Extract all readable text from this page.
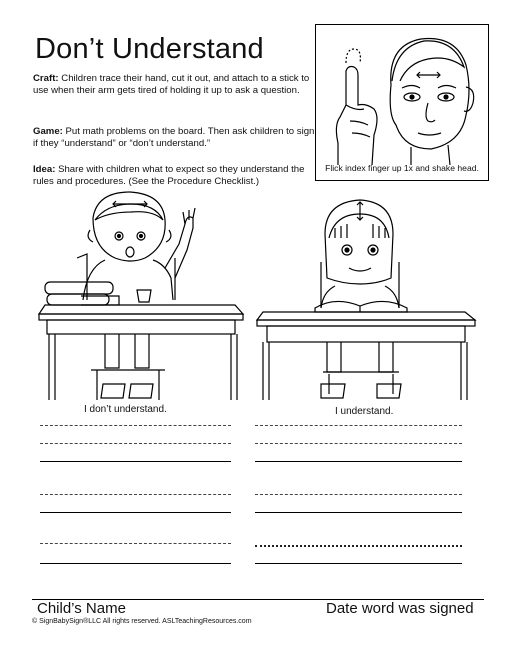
Don’t Understand
Craft: Children trace their hand, cut it out, and attach to a stick to use when their arm gets tired of holding it up to ask a question.
Game: Put math problems on the board. Then ask children to sign if they “understand” or “don’t understand.”
Idea: Share with children what to expect so they understand the rules and procedures. (See the Procedure Checklist.)
Flick index finger up 1x and shake head.
I don’t understand.	I understand.
Child’s Name	Date word was signed
© SignBabySign®LLC All rights reserved. ASLTeachingResources.com
